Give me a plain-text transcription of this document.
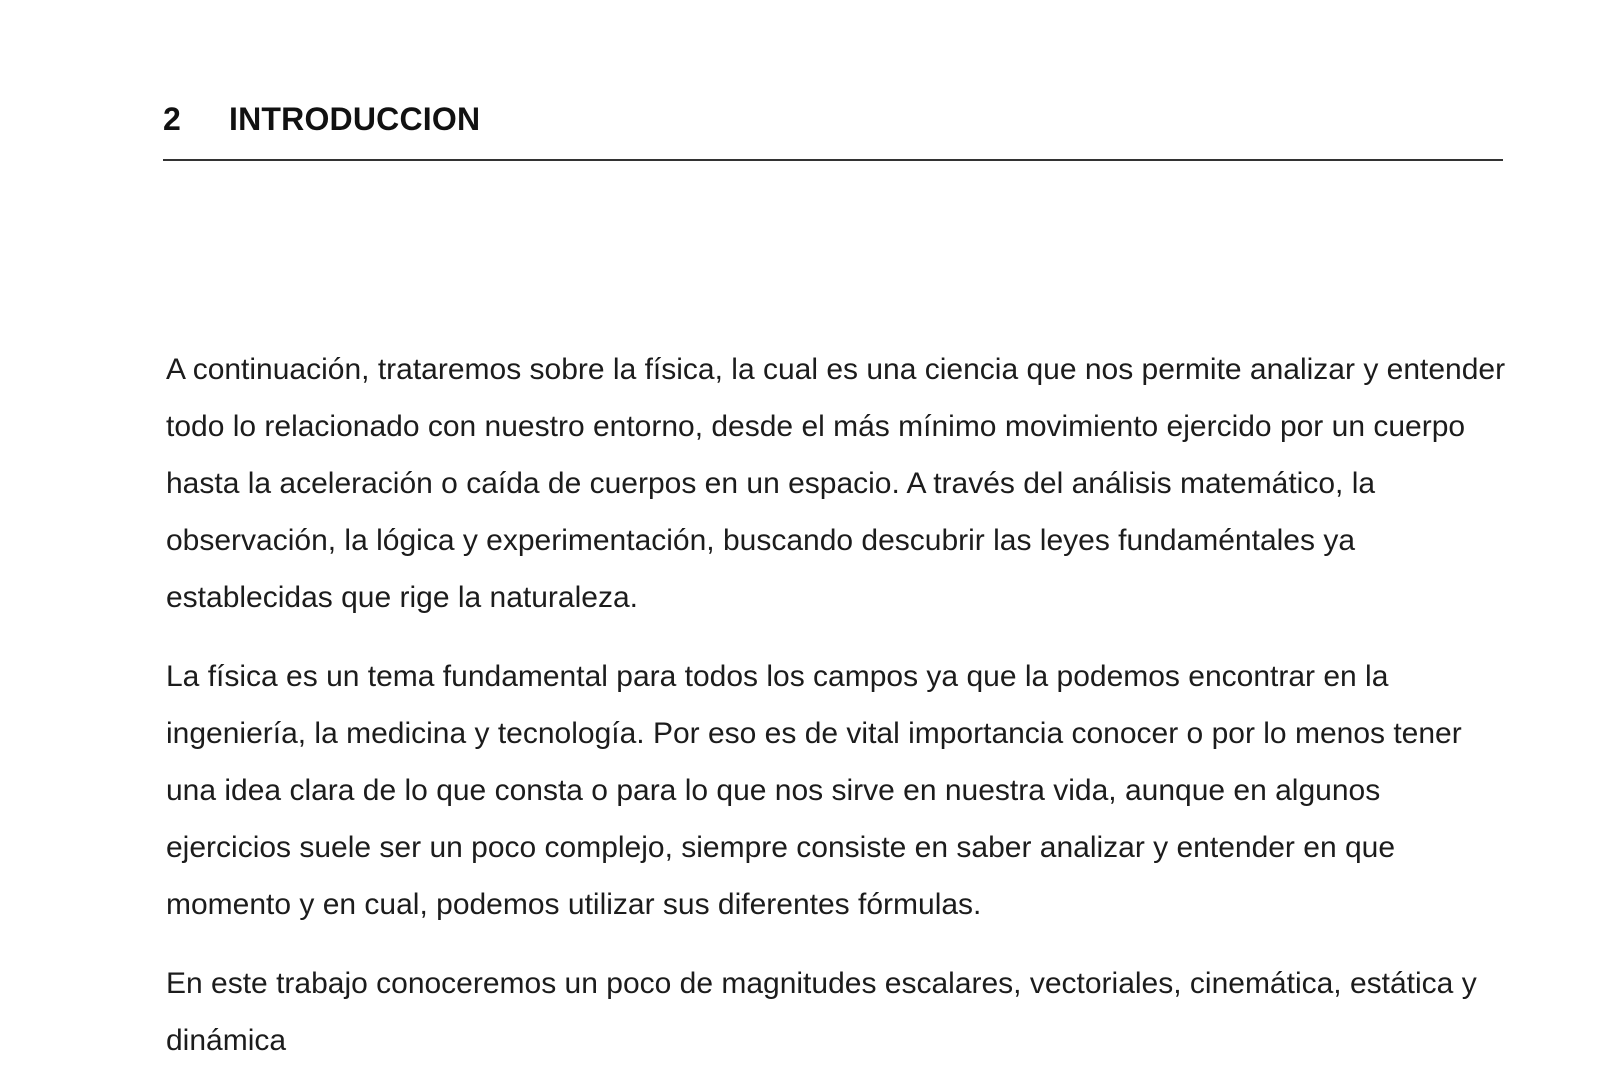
2	INTRODUCCION

A continuación, trataremos sobre la física, la cual es una ciencia que nos permite analizar y entender todo lo relacionado con nuestro entorno, desde el más mínimo movimiento ejercido por un cuerpo hasta la aceleración o caída de cuerpos en un espacio. A través del análisis matemático, la observación, la lógica y experimentación, buscando descubrir las leyes fundaméntales ya establecidas que rige la naturaleza.

La física es un tema fundamental para todos los campos ya que la podemos encontrar en la ingeniería, la medicina y tecnología. Por eso es de vital importancia conocer o por lo menos tener una idea clara de lo que consta o para lo que nos sirve en nuestra vida, aunque en algunos ejercicios suele ser un poco complejo, siempre consiste en saber analizar y entender en que momento y en cual, podemos utilizar sus diferentes fórmulas.

En este trabajo conoceremos un poco de magnitudes escalares, vectoriales, cinemática, estática y dinámica
